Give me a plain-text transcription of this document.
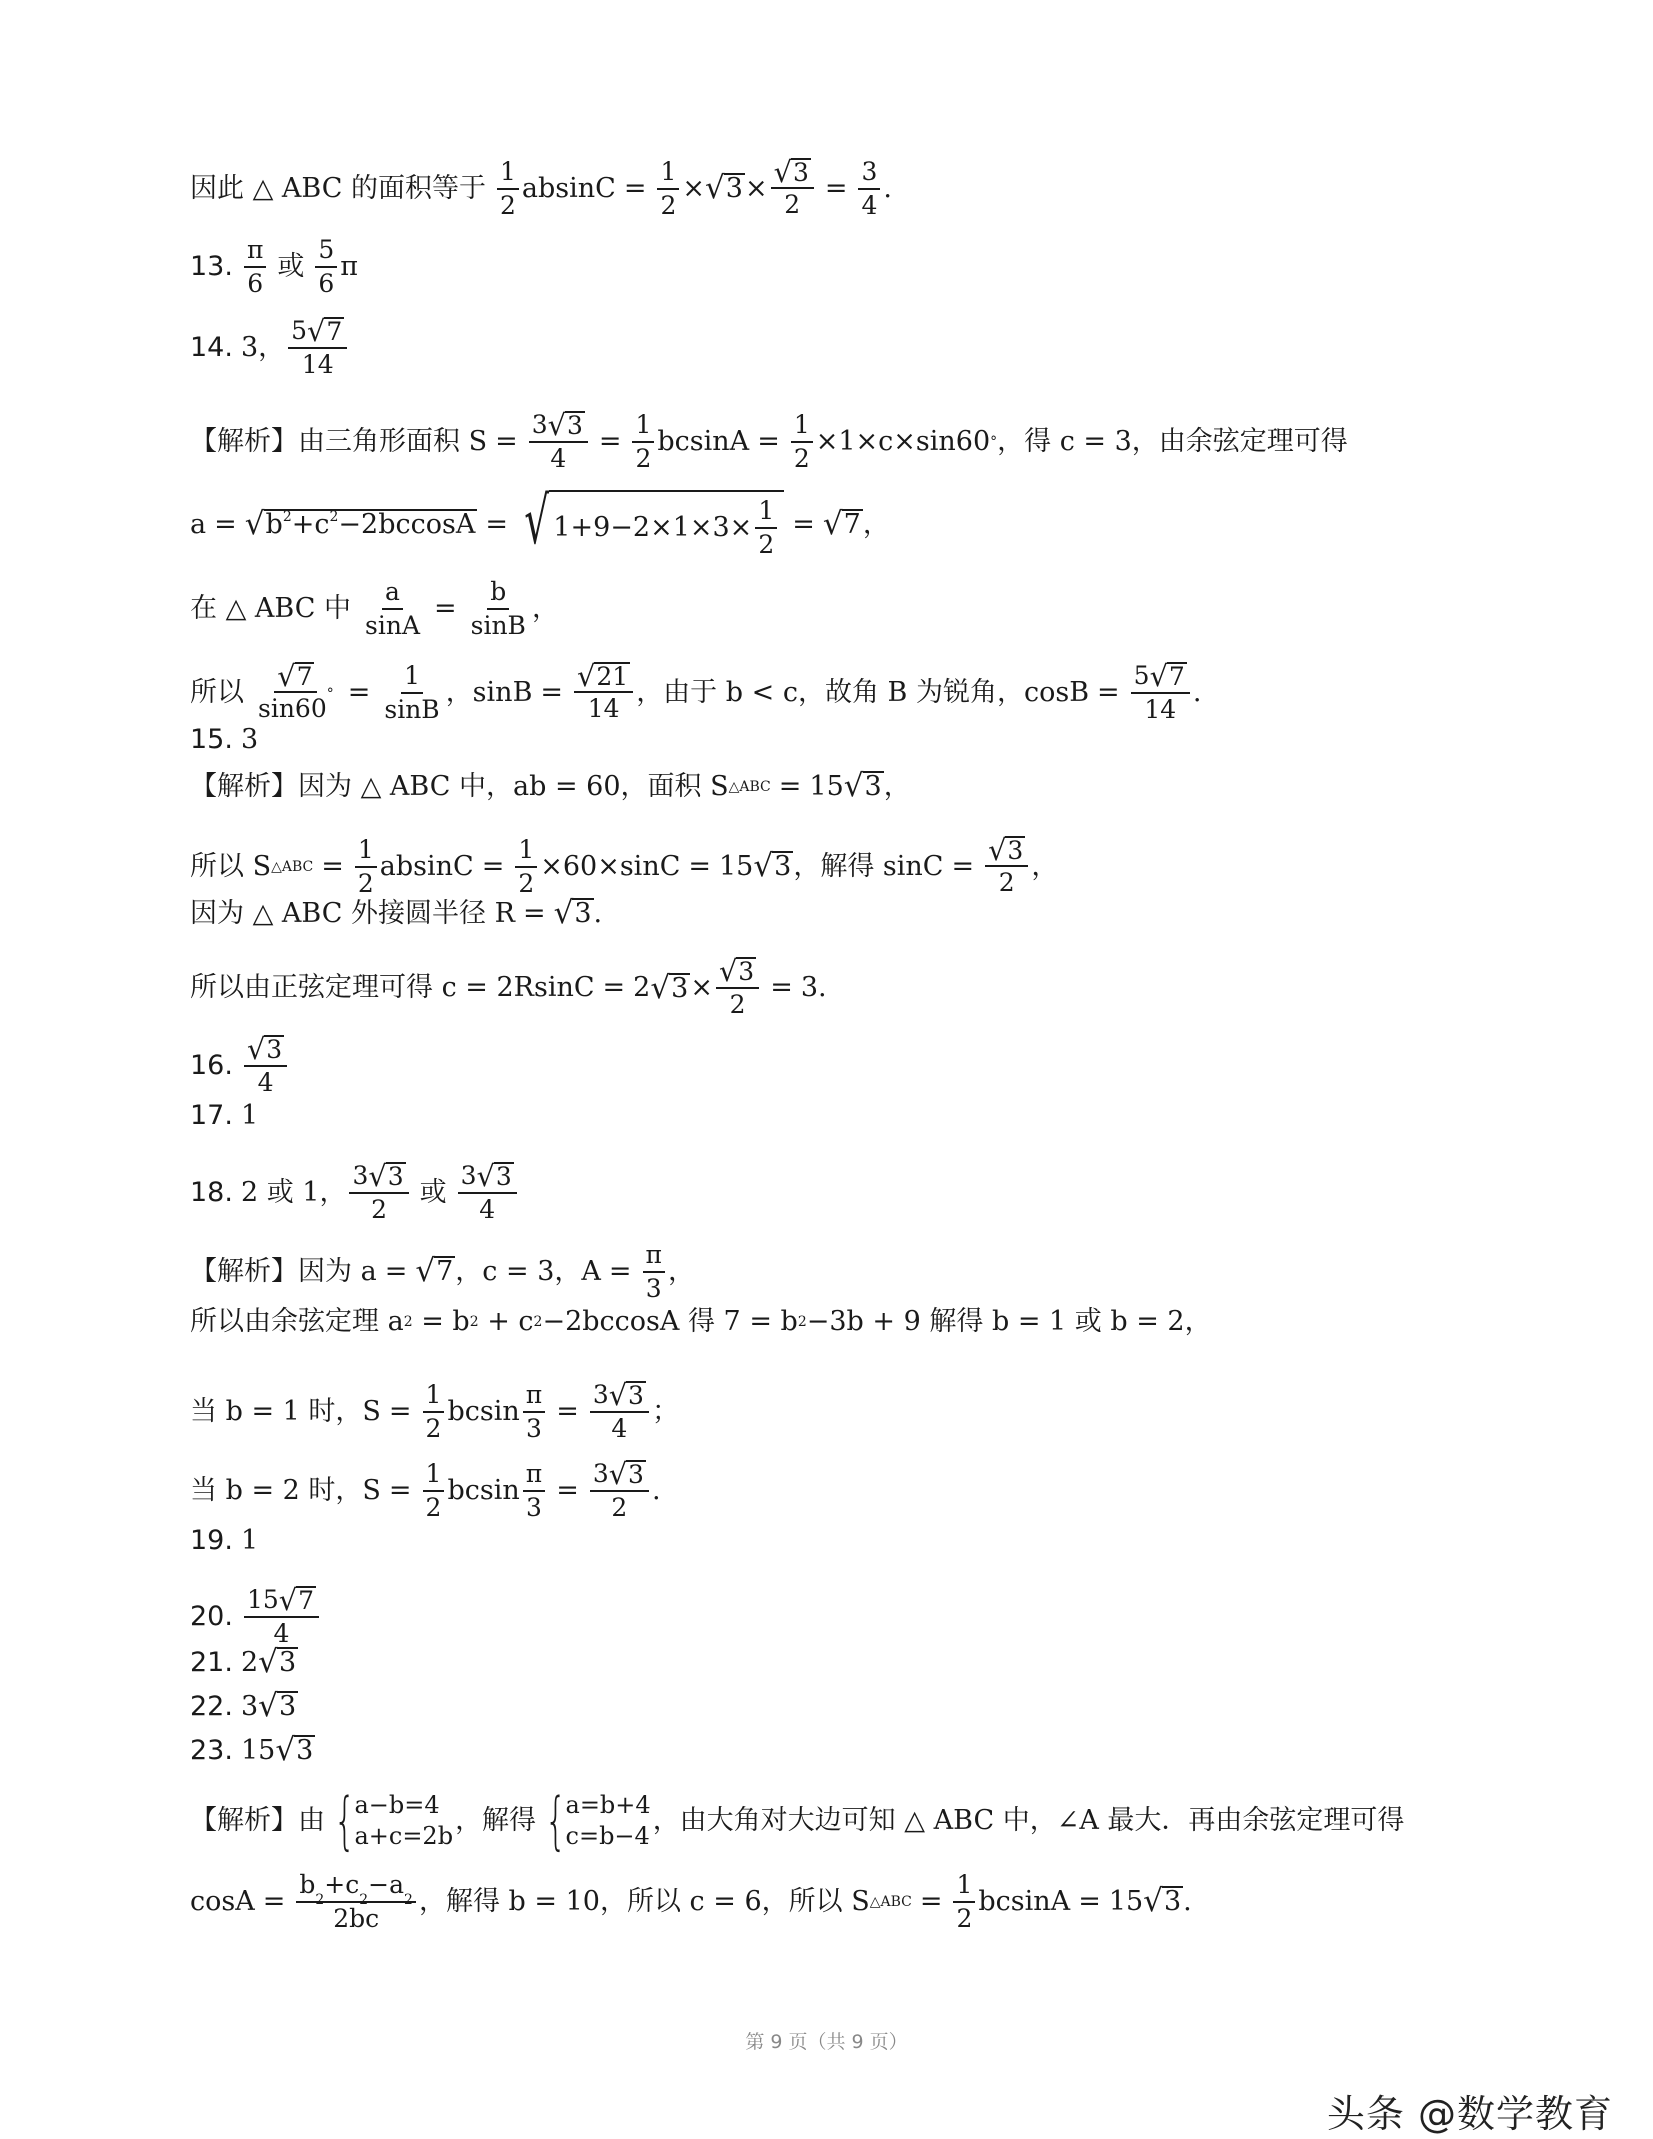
因此 △ ABC 的面积等于 $\frac{1}{2}$ $absinC = \frac{1}{2}$ × √ $3 \times \frac{√ 3}{2} = \frac{3}{4}$ .
13. $\frac{\pi}{6}$ 或 $\frac{5}{6}$ π
14. 3， $\frac{5 √ 7}{14}$
【解析】 由三角形面积 $S = \frac{3 √ 3}{4} = \frac{1}{2}$ $bcsinA = \frac{1}{2} \times 1\times c\times\sin 60$ ° ，得 c = 3，由余弦定理可得
a = √ $b^2+c^2-2bccosA$ = √ $1+9-2\times 1\times 3\times \frac{1}{2}$ = √ 7 ，
在 △ ABC 中 $\frac{a}{\sin A} = \frac{b}{\sin B}$ ，
所以 $\frac{√ 7}{\sin 60 ^\circ} = \frac{1}{\sin B}$ ，$\sin B = \frac{√ 21}{14}$ ，由于 b < c，故角 B 为锐角，$\cos B = \frac{5 √ 7}{14}$ .
15. 3
【解析】 因为 △ ABC 中，ab = 60，面积 S △ABC = 15 √ 3 ，
所以 S △ABC = $\frac{1}{2}$ $absinC = \frac{1}{2} \times 60\times\sin C = 15$ √ 3 ，解得 $\sin C = \frac{√ 3}{2}$ ，
因为 △ ABC 外接圆半径 R = √ 3 .
所以由正弦定理可得 c = 2RsinC = 2 √ $3 \times \frac{√ 3}{2} = 3$ .
16. $\frac{√ 3}{4}$
17. 1
18. 2 或 1， $\frac{3 √ 3}{2}$ 或 $\frac{3 √ 3}{4}$
【解析】 因为 a = √ 7 ，c = 3，$A = \frac{\pi}{3}$ ，
所以由余弦定理 a 2 = b 2 + c 2 −2bccosA 得 7 = b 2 −3b + 9 解得 b = 1 或 b = 2，
当 b = 1 时，$S = \frac{1}{2}$ bcsin $\frac{\pi}{3} = \frac{3 √ 3}{4}$ ；
当 b = 2 时，$S = \frac{1}{2}$ bcsin $\frac{\pi}{3} = \frac{3 √ 3}{2}$ .
19. 1
20. $\frac{15 √ 7}{4}$
21. 2 √ 3
22. 3 √ 3
23. 15 √ 3
【解析】 由 {
a−b=4
a+c=2b ，解得 {
a=b+4
c=b−4 ，由大角对大边可知 △ ABC 中，∠A 最大．再由余弦定理可得
cosA = b
2
+c
2
−a
2
2bc ，解得 b = 10，所以 c = 6，所以 S △ABC = $\frac{1}{2}$ bcsinA = 15 √ 3 .
第 9 页（共 9 页）
头条 @数学教育
